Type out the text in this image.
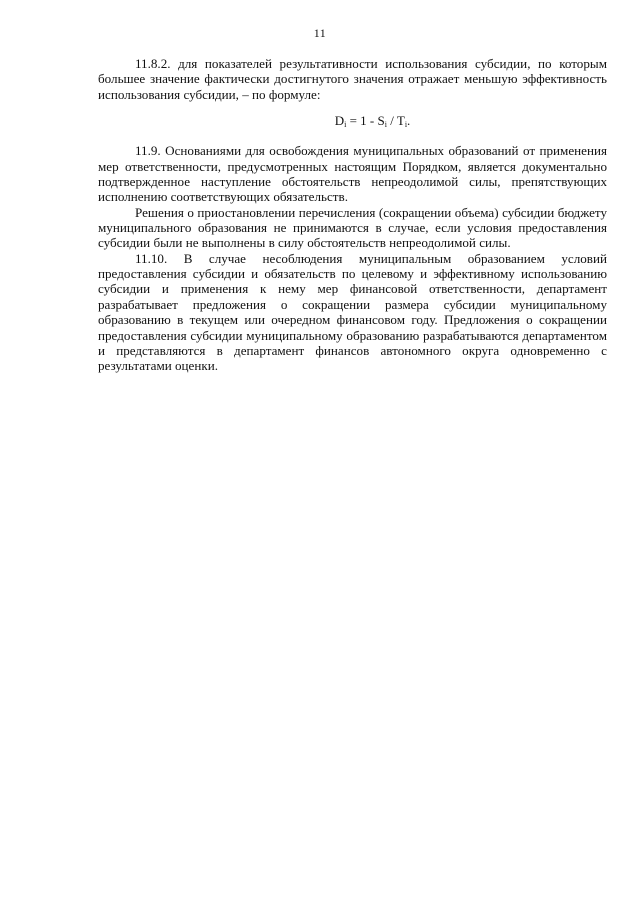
11

11.8.2. для показателей результативности использования субсидии, по которым большее значение фактически достигнутого значения отражает меньшую эффективность использования субсидии, – по формуле:

$D_i = 1 - S_i / T_i$.

11.9. Основаниями для освобождения муниципальных образований от применения мер ответственности, предусмотренных настоящим Порядком, является документально подтвержденное наступление обстоятельств непреодолимой силы, препятствующих исполнению соответствующих обязательств.

Решения о приостановлении перечисления (сокращении объема) субсидии бюджету муниципального образования не принимаются в случае, если условия предоставления субсидии были не выполнены в силу обстоятельств непреодолимой силы.

11.10. В случае несоблюдения муниципальным образованием условий предоставления субсидии и обязательств по целевому и эффективному использованию субсидии и применения к нему мер финансовой ответственности, департамент разрабатывает предложения о сокращении размера субсидии муниципальному образованию в текущем или очередном финансовом году. Предложения о сокращении предоставления субсидии муниципальному образованию разрабатываются департаментом и представляются в департамент финансов автономного округа одновременно с результатами оценки.
